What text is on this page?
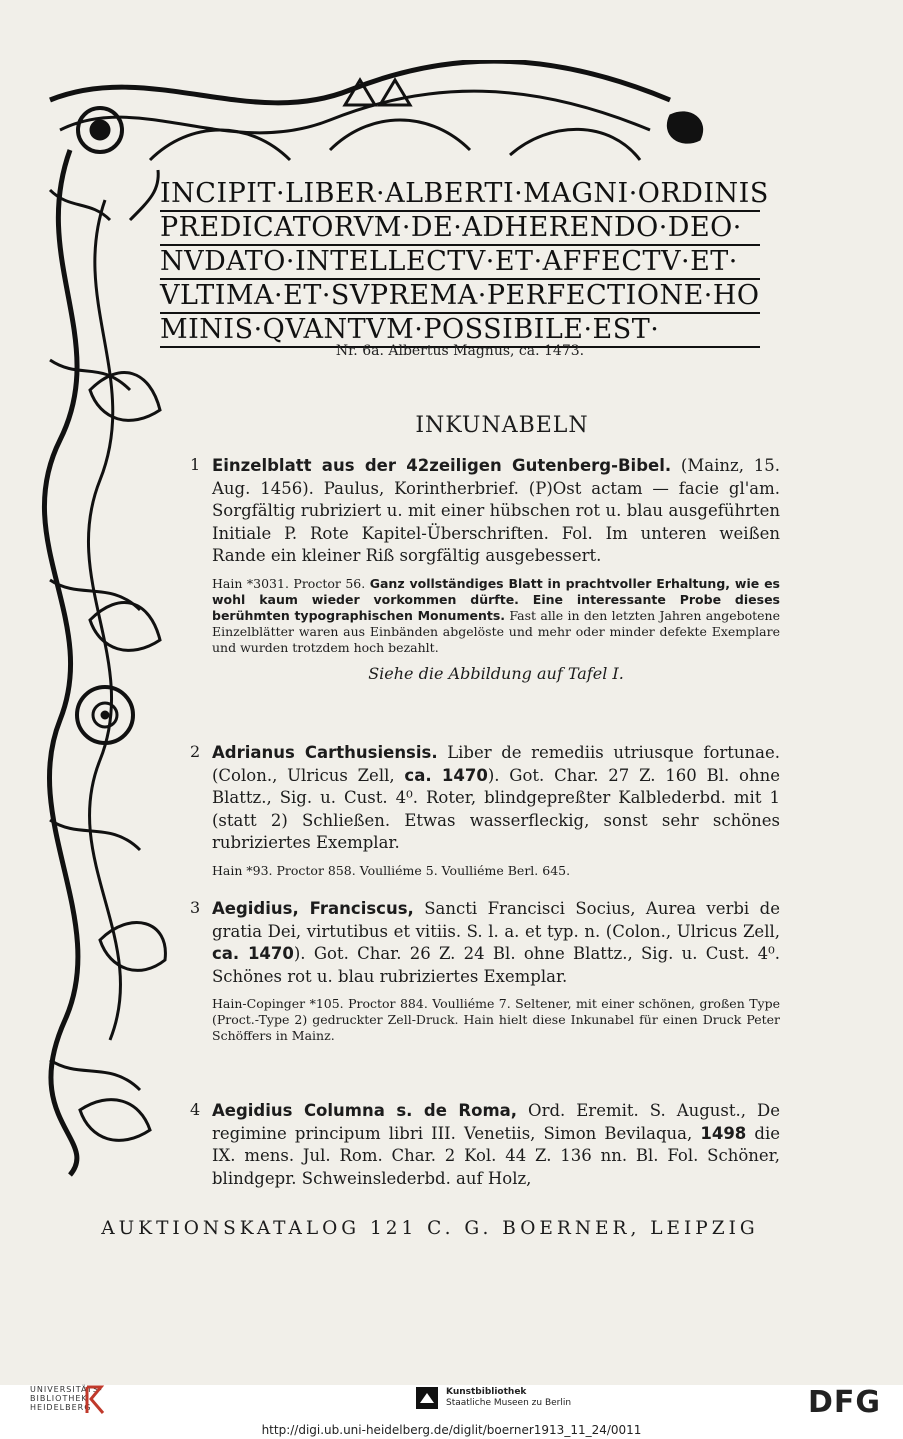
INCIPIT·LIBER·ALBERTI·MAGNI·ORDINIS
PREDICATORVM·DE·ADHERENDO·DEO·
NVDATO·INTELLECTV·ET·AFFECTV·ET·
VLTIMA·ET·SVPREMA·PERFECTIONE·HO
MINIS·QVANTVM·POSSIBILE·EST·
Nr. 6a. Albertus Magnus, ca. 1473.
INKUNABELN
1 Einzelblatt aus der 42zeiligen Gutenberg-Bibel. (Mainz, 15. Aug. 1456). Paulus, Korintherbrief. (P)Ost actam — facie gl'am. Sorgfältig rubriziert u. mit einer hübschen rot u. blau ausgeführten Initiale P. Rote Kapitel-Überschriften. Fol. Im unteren weißen Rande ein kleiner Riß sorgfältig ausgebessert.
Hain *3031. Proctor 56. Ganz vollständiges Blatt in prachtvoller Erhaltung, wie es wohl kaum wieder vorkommen dürfte. Eine interessante Probe dieses berühmten typographischen Monuments. Fast alle in den letzten Jahren angebotene Einzelblätter waren aus Einbänden abgelöste und mehr oder minder defekte Exemplare und wurden trotzdem hoch bezahlt.
Siehe die Abbildung auf Tafel I.
2 Adrianus Carthusiensis. Liber de remediis utriusque fortunae. (Colon., Ulricus Zell, ca. 1470). Got. Char. 27 Z. 160 Bl. ohne Blattz., Sig. u. Cust. 4⁰. Roter, blindgepreßter Kalblederbd. mit 1 (statt 2) Schließen. Etwas wasserfleckig, sonst sehr schönes rubriziertes Exemplar.
Hain *93. Proctor 858. Voulliéme 5. Voulliéme Berl. 645.
3 Aegidius, Franciscus, Sancti Francisci Socius, Aurea verbi de gratia Dei, virtutibus et vitiis. S. l. a. et typ. n. (Colon., Ulricus Zell, ca. 1470). Got. Char. 26 Z. 24 Bl. ohne Blattz., Sig. u. Cust. 4⁰. Schönes rot u. blau rubriziertes Exemplar.
Hain-Copinger *105. Proctor 884. Voulliéme 7. Seltener, mit einer schönen, großen Type (Proct.-Type 2) gedruckter Zell-Druck. Hain hielt diese Inkunabel für einen Druck Peter Schöffers in Mainz.
4 Aegidius Columna s. de Roma, Ord. Eremit. S. August., De regimine principum libri III. Venetiis, Simon Bevilaqua, 1498 die IX. mens. Jul. Rom. Char. 2 Kol. 44 Z. 136 nn. Bl. Fol. Schöner, blindgepr. Schweinslederbd. auf Holz,
AUKTIONSKATALOG 121 C. G. BOERNER, LEIPZIG
UNIVERSITÄTS-
BIBLIOTHEK
HEIDELBERG
Kunstbibliothek
Staatliche Museen zu Berlin	DFG
http://digi.ub.uni-heidelberg.de/diglit/boerner1913_11_24/0011
